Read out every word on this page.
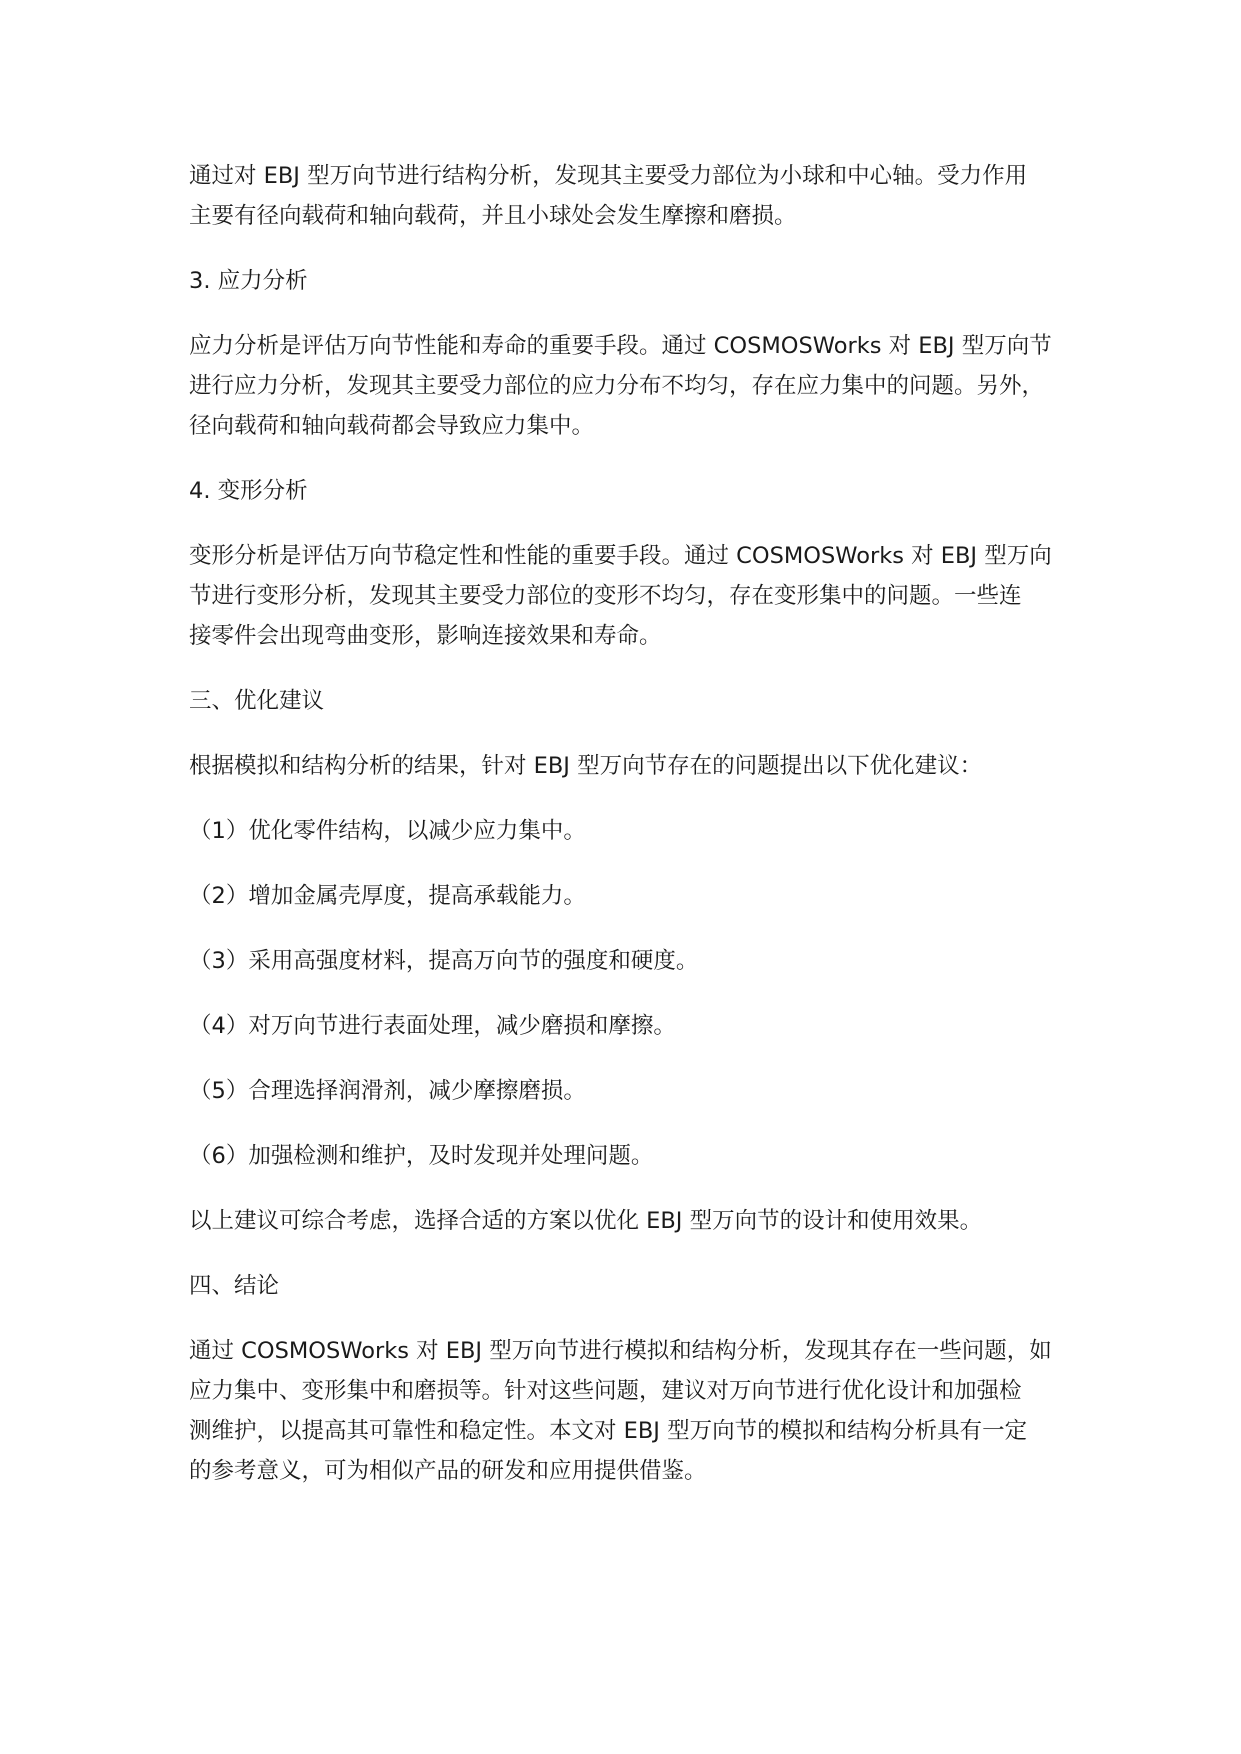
通过对 EBJ 型万向节进行结构分析，发现其主要受力部位为小球和中心轴。受力作用
主要有径向载荷和轴向载荷，并且小球处会发生摩擦和磨损。

3. 应力分析

应力分析是评估万向节性能和寿命的重要手段。通过 COSMOSWorks 对 EBJ 型万向节
进行应力分析，发现其主要受力部位的应力分布不均匀，存在应力集中的问题。另外，
径向载荷和轴向载荷都会导致应力集中。

4. 变形分析

变形分析是评估万向节稳定性和性能的重要手段。通过 COSMOSWorks 对 EBJ 型万向
节进行变形分析，发现其主要受力部位的变形不均匀，存在变形集中的问题。一些连
接零件会出现弯曲变形，影响连接效果和寿命。

三、优化建议

根据模拟和结构分析的结果，针对 EBJ 型万向节存在的问题提出以下优化建议：

（1）优化零件结构，以减少应力集中。

（2）增加金属壳厚度，提高承载能力。

（3）采用高强度材料，提高万向节的强度和硬度。

（4）对万向节进行表面处理，减少磨损和摩擦。

（5）合理选择润滑剂，减少摩擦磨损。

（6）加强检测和维护，及时发现并处理问题。

以上建议可综合考虑，选择合适的方案以优化 EBJ 型万向节的设计和使用效果。

四、结论

通过 COSMOSWorks 对 EBJ 型万向节进行模拟和结构分析，发现其存在一些问题，如
应力集中、变形集中和磨损等。针对这些问题，建议对万向节进行优化设计和加强检
测维护，以提高其可靠性和稳定性。本文对 EBJ 型万向节的模拟和结构分析具有一定
的参考意义，可为相似产品的研发和应用提供借鉴。
